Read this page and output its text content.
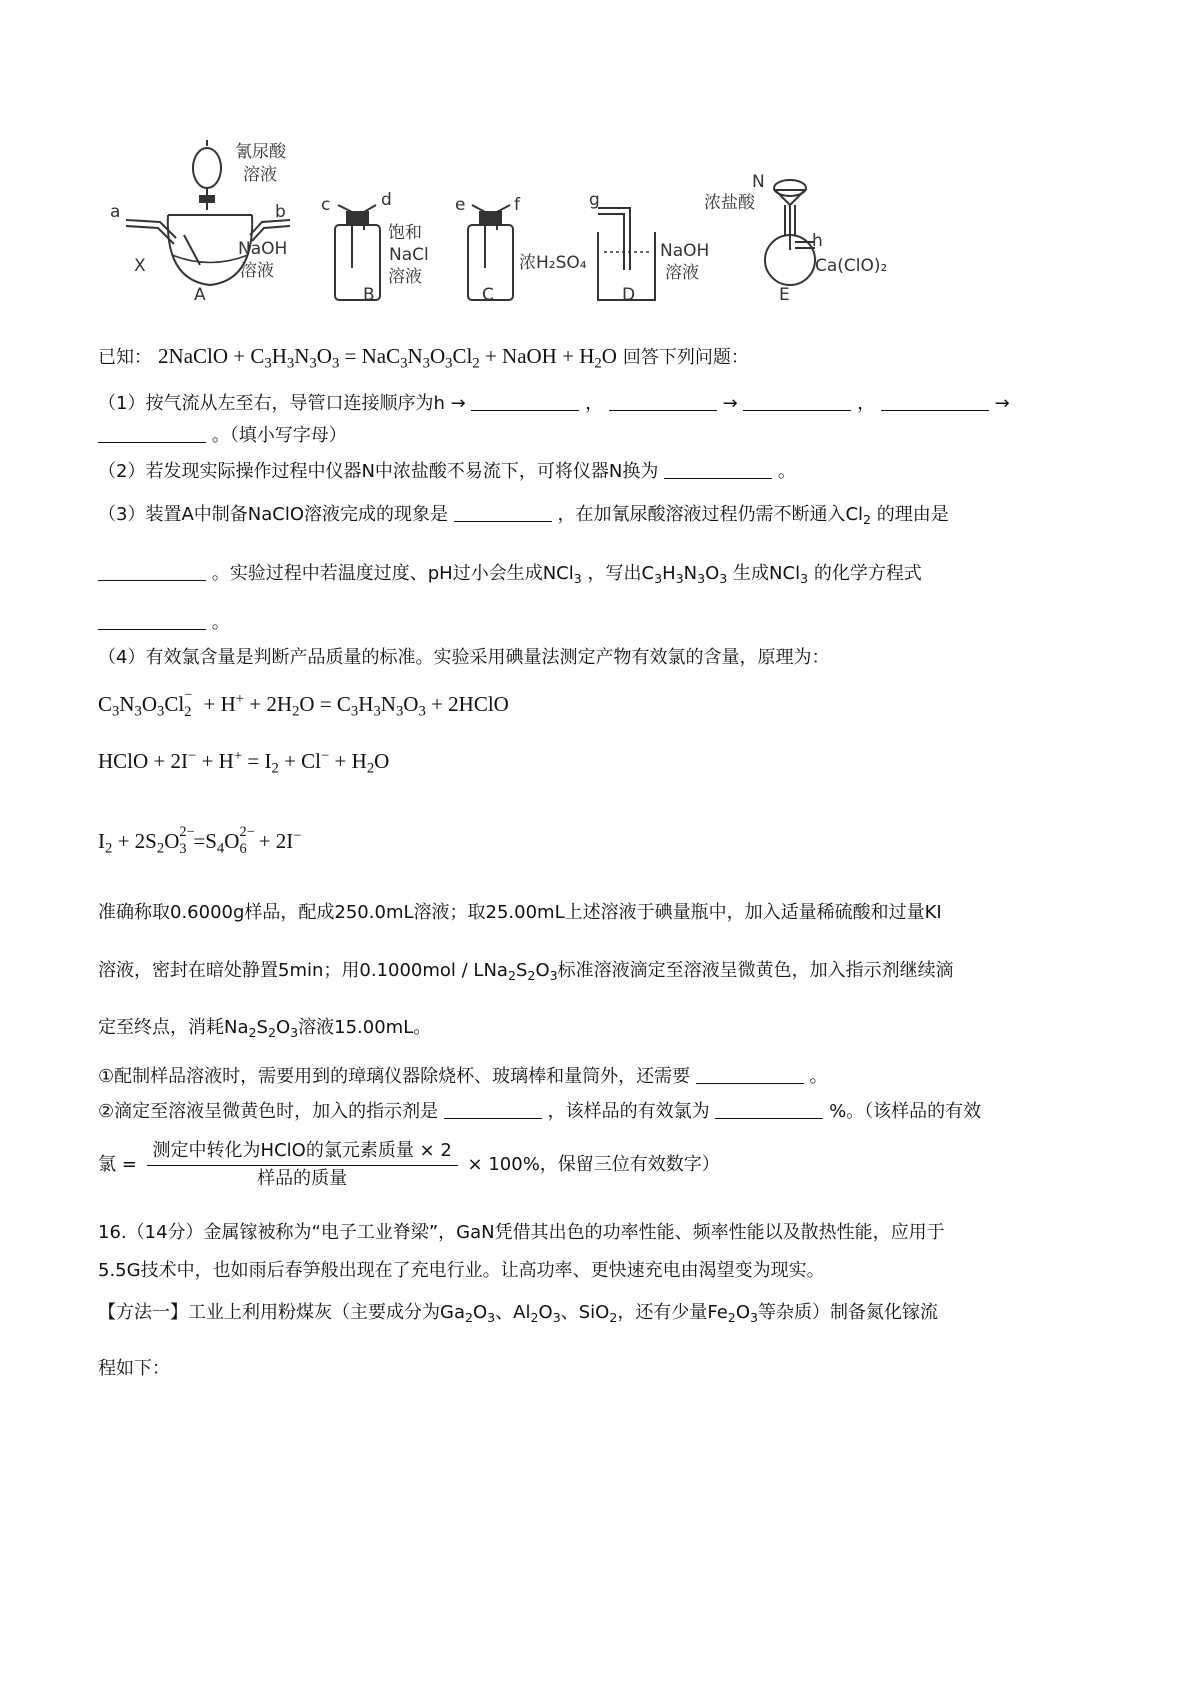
氰尿酸
溶液
a	b
X
NaOH
溶液
A
c	d
饱和
NaCl
溶液
B
e	f
浓H₂SO₄
C
g
NaOH
溶液
D
N
浓盐酸
h
Ca(ClO)₂
E
已知： 2NaClO + $C_3H_3N_3O_3 = NaC_3N_3O_3Cl_2$ + NaOH + $H_2O$ 回答下列问题：
（1）按气流从左至右，导管口连接顺序为h →	，	→	，	→
。（填小写字母）
（2）若发现实际操作过程中仪器N中浓盐酸不易流下，可将仪器N换为	。
（3）装置A中制备NaClO溶液完成的现象是	，在加氰尿酸溶液过程仍需不断通入$Cl_2$ 的理由是
。实验过程中若温度过度、pH过小会生成NCl$_3$ ，写出$C_3H_3N_3O_3$ 生成NCl$_3$ 的化学方程式
。
（4）有效氯含量是判断产品质量的标准。实验采用碘量法测定产物有效氯的含量，原理为：
$C_3N_3O_3Cl$ −
$2 + H^+ + 2H_2O = C_3H_3N_3O_3$ + 2HClO
HClO + $2I^- + H^+ = I_2 + Cl^- + H_2O$
$I_2 + 2S_2O$ 2−
$3 =S_4O$ 2−
6 + 2I−
准确称取0.6000g样品，配成250.0mL溶液；取25.00mL上述溶液于碘量瓶中，加入适量稀硫酸和过量KI
溶液，密封在暗处静置5min；用$0.1000mol / LNa_2S_2O_3$标准溶液滴定至溶液呈微黄色，加入指示剂继续滴
定至终点，消耗$Na_2S_2O_3$溶液15.00mL。
①配制样品溶液时，需要用到的璋璃仪器除烧杯、玻璃棒和量筒外，还需要	。
②滴定至溶液呈微黄色时，加入的指示剂是	，该样品的有效氯为	%。（该样品的有效
氯 = $\frac{\text{测定中转化为HClO的氯元素质量 × 2}}{\text{样品的质量}} \times 100\%$，保留三位有效数字）
16.（14分）金属镓被称为“电子工业脊梁”，GaN凭借其出色的功率性能、频率性能以及散热性能，应用于
5.5G技术中，也如雨后春笋般出现在了充电行业。让高功率、更快速充电由渴望变为现实。
【方法一】工业上利用粉煤灰（主要成分为$Ga_2O_3$、$Al_2O_3$、SiO$_2$，还有少量$Fe_2O_3$等杂质）制备氮化镓流
程如下：
